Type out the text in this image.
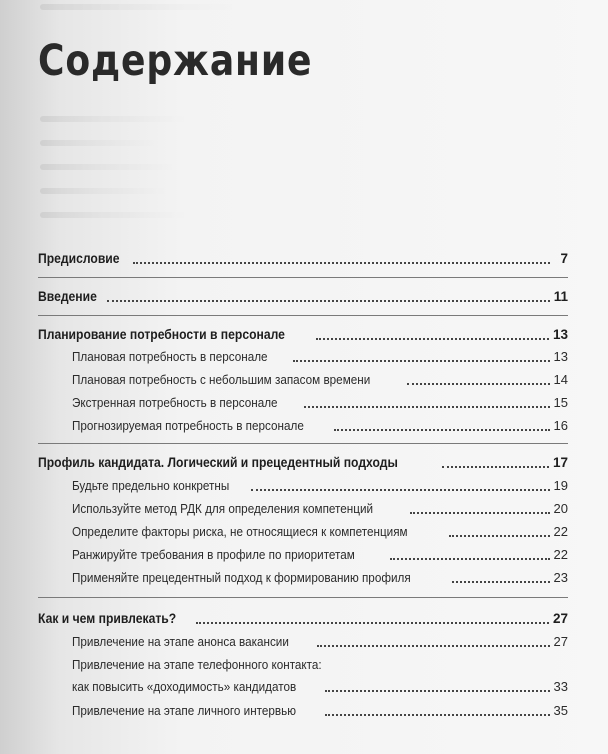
Содержание
Предисловие	7
Введение	11
Планирование потребности в персонале	13
Плановая потребность в персонале	13
Плановая потребность с небольшим запасом времени	14
Экстренная потребность в персонале	15
Прогнозируемая потребность в персонале	16
Профиль кандидата. Логический и прецедентный подходы	17
Будьте предельно конкретны	19
Используйте метод РДК для определения компетенций	20
Определите факторы риска, не относящиеся к компетенциям	22
Ранжируйте требования в профиле по приоритетам	22
Применяйте прецедентный подход к формированию профиля	23
Как и чем привлекать?	27
Привлечение на этапе анонса вакансии	27
Привлечение на этапе телефонного контакта:
как повысить «доходимость» кандидатов	33
Привлечение на этапе личного интервью	35
